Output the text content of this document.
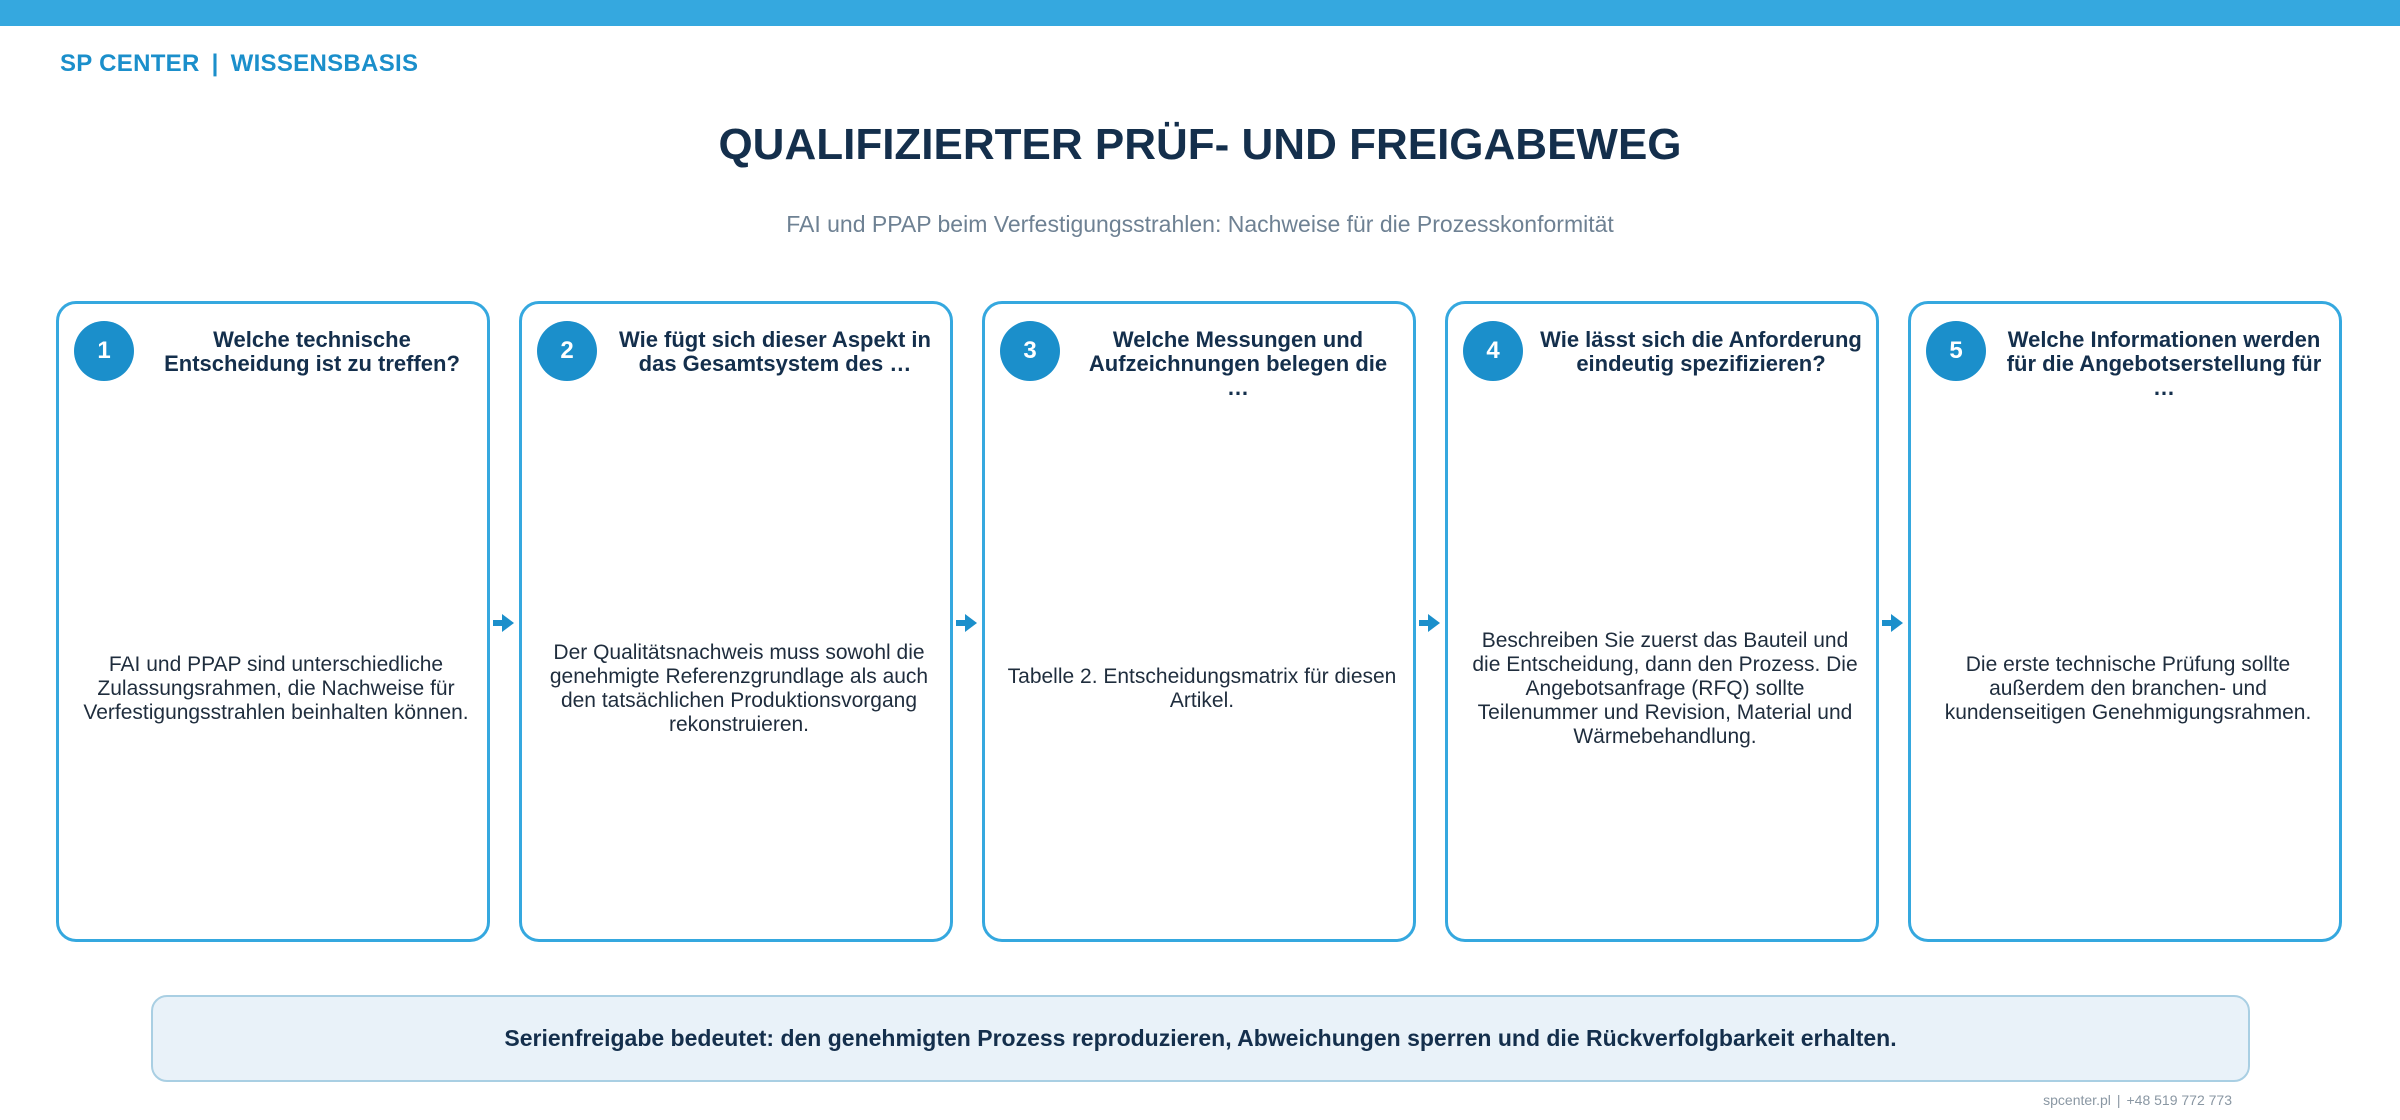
SP CENTER | WISSENSBASIS
QUALIFIZIERTER PRÜF- UND FREIGABEWEG
FAI und PPAP beim Verfestigungsstrahlen: Nachweise für die Prozesskonformität
1	Welche technische Entscheidung ist zu treffen?
FAI und PPAP sind unterschiedliche Zulassungsrahmen, die Nachweise für Verfestigungsstrahlen beinhalten können.
2	Wie fügt sich dieser Aspekt in das Gesamtsystem des …
Der Qualitätsnachweis muss sowohl die genehmigte Referenzgrundlage als auch den tatsächlichen Produktionsvorgang rekonstruieren.
3	Welche Messungen und Aufzeichnungen belegen die …
Tabelle 2. Entscheidungsmatrix für diesen Artikel.
4	Wie lässt sich die Anforderung eindeutig spezifizieren?
Beschreiben Sie zuerst das Bauteil und die Entscheidung, dann den Prozess. Die Angebotsanfrage (RFQ) sollte Teilenummer und Revision, Material und Wärmebehandlung.
5	Welche Informationen werden für die Angebotserstellung für …
Die erste technische Prüfung sollte außerdem den branchen- und kundenseitigen Genehmigungsrahmen.
Serienfreigabe bedeutet: den genehmigten Prozess reproduzieren, Abweichungen sperren und die Rückverfolgbarkeit erhalten.
spcenter.pl | +48 519 772 773
